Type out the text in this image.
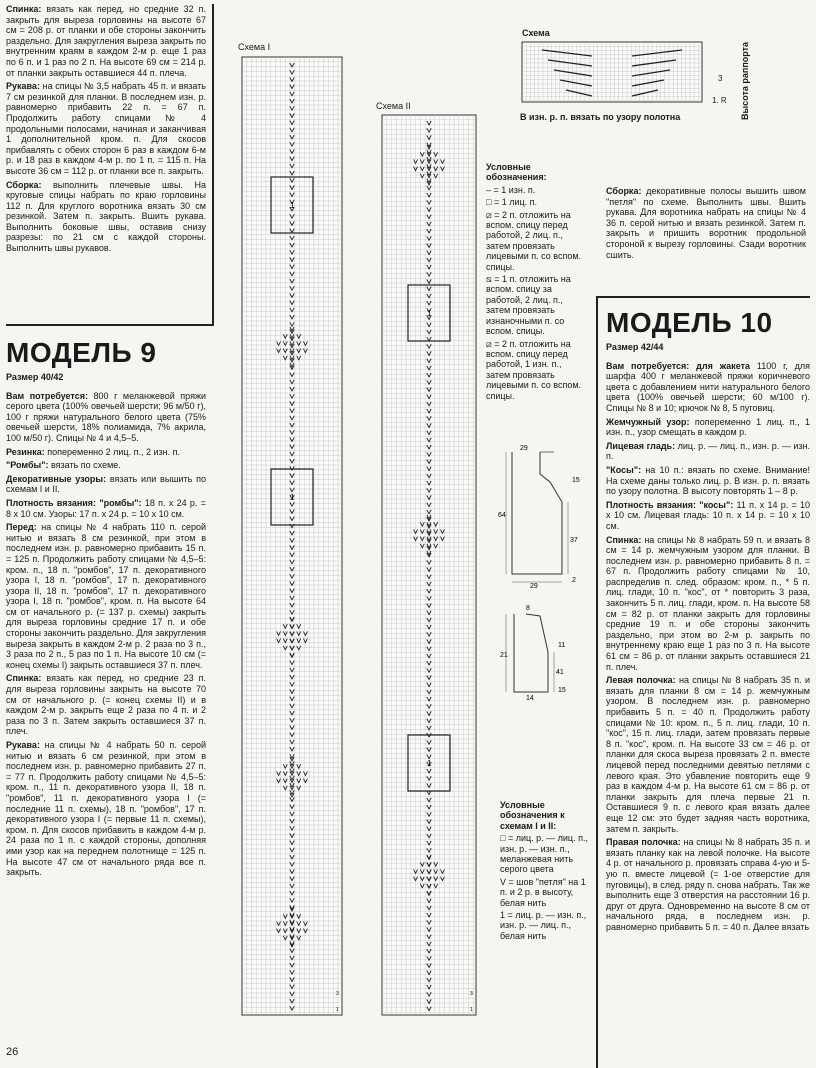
Спинка: вязать как перед, но средние 32 п. закрыть для выреза горловины на высоте 67 см = 208 р. от планки и обе стороны закончить раздельно. Для закругления выреза закрыть по внутренним краям в каждом 2-м р. еще 1 раз по 6 п. и 1 раз по 2 п. На высоте 69 см = 214 р. от планки закрыть оставшиеся 44 п. плеча.

Рукава: на спицы № 3,5 набрать 45 п. и вязать 7 см резинкой для планки. В последнем изн. р. равномерно прибавить 22 п. = 67 п. Продолжить работу спицами № 4 продольными полосами, начиная и заканчивая 1 дополнительной кром. п. Для скосов прибавлять с обеих сторон 6 раз в каждом 6-м р. и 18 раз в каждом 4-м р. по 1 п. = 115 п. На высоте 36 см = 112 р. от планки все п. закрыть.

Сборка: выполнить плечевые швы. На круговые спицы набрать по краю горловины 112 п. Для круглого воротника вязать 30 см резинкой. Затем п. закрыть. Вшить рукава. Выполнить боковые швы, оставив снизу разрезы: по 21 см с каждой стороны. Выполнить швы рукавов.

МОДЕЛЬ 9
Размер 40/42

Вам потребуется: 800 г меланжевой пряжи серого цвета (100% овечьей шерсти; 96 м/50 г), 100 г пряжи натурального белого цвета (75% овечьей шерсти, 18% полиамида, 7% акрила, 100 м/50 г). Спицы № 4 и 4,5–5.

Резинка: попеременно 2 лиц. п., 2 изн. п.

"Ромбы": вязать по схеме.

Декоративные узоры: вязать или вышить по схемам I и II.

Плотность вязания: "ромбы": 18 п. х 24 р. = 8 х 10 см. Узоры: 17 п. х 24 р. = 10 х 10 см.

Перед: на спицы № 4 набрать 110 п. серой нитью и вязать 8 см резинкой, при этом в последнем изн. р. равномерно прибавить 15 п. = 125 п. Продолжить работу спицами № 4,5–5: кром. п., 18 п. "ромбов", 17 п. декоративного узора I, 18 п. "ромбов", 17 п. декоративного узора II, 18 п. "ромбов", 17 п. декоративного узора I, 18 п. "ромбов", кром. п. На высоте 64 см от начального р. (= 137 р. схемы) закрыть для выреза горловины средние 17 п. и обе стороны закончить раздельно. Для закругления выреза закрыть в каждом 2-м р. 2 раза по 3 п., 3 раза по 2 п., 5 раз по 1 п. На высоте 10 см (= конец схемы I) закрыть оставшиеся 37 п. плеч.

Спинка: вязать как перед, но средние 23 п. для выреза горловины закрыть на высоте 70 см от начального р. (= конец схемы II) и в каждом 2-м р. закрыть еще 2 раза по 4 п. и 2 раза по 3 п. Затем закрыть оставшиеся 37 п. плеч.

Рукава: на спицы № 4 набрать 50 п. серой нитью и вязать 6 см резинкой, при этом в последнем изн. р. равномерно прибавить 27 п. = 77 п. Продолжить работу спицами № 4,5–5: кром. п., 11 п. декоративного узора II, 18 п. "ромбов", 11 п. декоративного узора I (= последние 11 п. схемы), 18 п. "ромбов", 17 п. декоративного узора I (= первые 11 п. схемы), кром. п. Для скосов прибавить в каждом 4-м р. 24 раза по 1 п. с каждой стороны, дополняя ими узор как на переднем полотнище = 125 п. На высоте 47 см от начального ряда все п. закрыть.

26
Схема I
Схема II
1
1
3
1
1
1
3
1
Схема
В изн. р. п. вязать по узору полотна
3
1. R Высота раппорта

Условные обозначения:

– = 1 изн. п.

□ = 1 лиц. п.

⧄ = 2 п. отложить на вспом. спицу перед работой, 2 лиц. п., затем провязать лицевыми п. со вспом. спицы.

⧅ = 1 п. отложить на вспом. спицу за работой, 2 лиц. п., затем провязать изнаночными п. со вспом. спицы.

⧄ = 2 п. отложить на вспом. спицу перед работой, 1 изн. п., затем провязать лицевыми п. со вспом. спицы.

29
64
37
29
2
15
8
21
41
14
11
15

Условные обозначения к схемам I и II:

□ = лиц. р. — лиц. п., изн. р. — изн. п., меланжевая нить серого цвета

V = шов "петля" на 1 п. и 2 р. в высоту, белая нить

1 = лиц. р. — изн. п., изн. р. — лиц. п., белая нить

Сборка: декоративные полосы вышить швом "петля" по схеме. Выполнить швы. Вшить рукава. Для воротника набрать на спицы № 4 36 п. серой нитью и вязать резинкой. Затем п. закрыть и пришить воротник продольной стороной к вырезу горловины. Сзади воротник сшить.

МОДЕЛЬ 10
Размер 42/44

Вам потребуется: для жакета 1100 г, для шарфа 400 г меланжевой пряжи коричневого цвета с добавлением нити натурального белого цвета (100% овечьей шерсти; 60 м/100 г). Спицы № 8 и 10; крючок № 8, 5 пуговиц.

Жемчужный узор: попеременно 1 лиц. п., 1 изн. п., узор смещать в каждом р.

Лицевая гладь: лиц. р. — лиц. п., изн. р. — изн. п.

"Косы": на 10 п.: вязать по схеме. Внимание! На схеме даны только лиц. р. В изн. р. п. вязать по узору полотна. В высоту повторять 1 – 8 р.

Плотность вязания: "косы": 11 п. х 14 р. = 10 х 10 см. Лицевая гладь: 10 п. х 14 р. = 10 х 10 см.

Спинка: на спицы № 8 набрать 59 п. и вязать 8 см = 14 р. жемчужным узором для планки. В последнем изн. р. равномерно прибавить 8 п. = 67 п. Продолжить работу спицами № 10, распределив п. след. образом: кром. п., * 5 п. лиц. глади, 10 п. "кос", от * повторить 3 раза, закончить 5 п. лиц. глади, кром. п. На высоте 58 см = 82 р. от планки закрыть для горловины средние 19 п. и обе стороны закончить раздельно, при этом во 2-м р. закрыть по внутреннему краю еще 1 раз по 3 п. На высоте 61 см = 86 р. от планки закрыть оставшиеся 21 п. плеч.

Левая полочка: на спицы № 8 набрать 35 п. и вязать для планки 8 см = 14 р. жемчужным узором. В последнем изн. р. равномерно прибавить 5 п. = 40 п. Продолжить работу спицами № 10: кром. п., 5 п. лиц. глади, 10 п. "кос", 15 п. лиц. глади, затем провязать первые 8 п. "кос", кром. п. На высоте 33 см = 46 р. от планки для скоса выреза провязать 2 п. вместе лицевой перед последними девятью петлями с левого края. Это убавление повторить еще 9 раз в каждом 4-м р. На высоте 61 см = 86 р. от планки закрыть для плеча первые 21 п. Оставшиеся 9 п. с левого края вязать далее еще 12 см: это будет задняя часть воротника, затем п. закрыть.

Правая полочка: на спицы № 8 набрать 35 п. и вязать планку как на левой полочке. На высоте 4 р. от начального р. провязать справа 4-ую и 5-ую п. вместе лицевой (= 1-ое отверстие для пуговицы), в след. ряду п. снова набрать. Так же выполнить еще 3 отверстия на расстоянии 16 р. друг от друга. Одновременно на высоте 8 см от начального ряда, в последнем изн. р. равномерно прибавить 5 п. = 40 п. Далее вязать
